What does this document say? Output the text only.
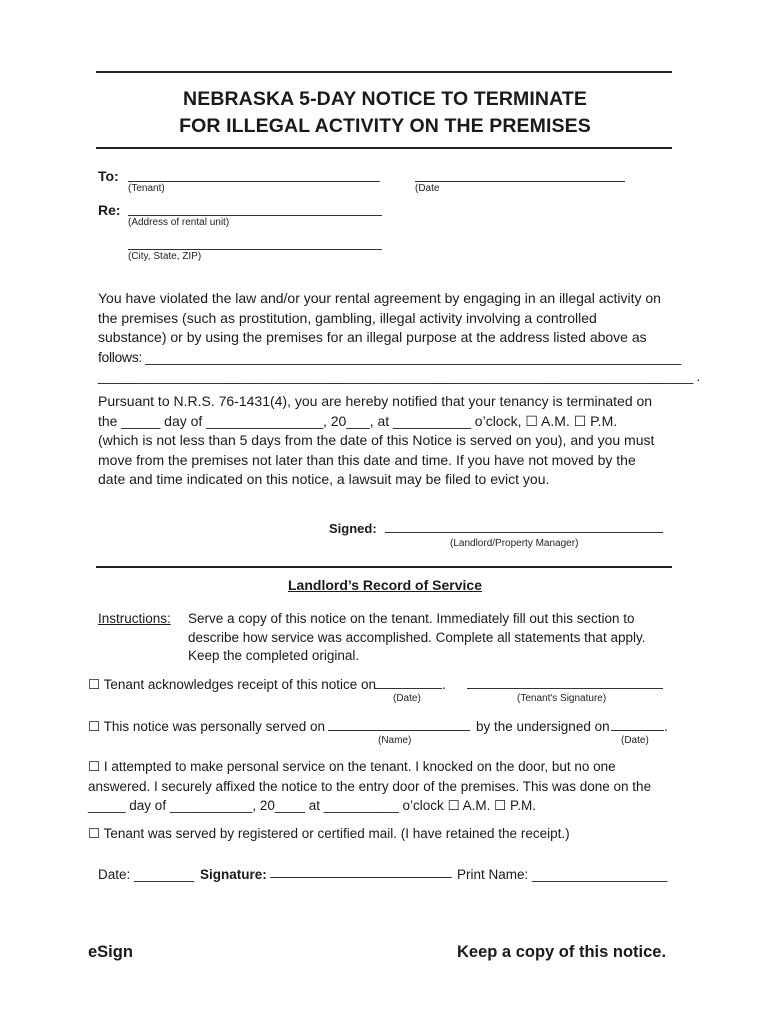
NEBRASKA 5-DAY NOTICE TO TERMINATE
FOR ILLEGAL ACTIVITY ON THE PREMISES
To:
(Tenant)	(Date
Re:
(Address of rental unit)
(City, State, ZIP)
You have violated the law and/or your rental agreement by engaging in an illegal activity on
the premises (such as prostitution, gambling, illegal activity involving a controlled
substance) or by using the premises for an illegal purpose at the address listed above as
follows: ________________________________________________________________________
________________________________________________________________________________ .
Pursuant to N.R.S. 76-1431(4), you are hereby notified that your tenancy is terminated on
the _____ day of _______________, 20___, at __________ o’clock, ☐ A.M. ☐ P.M.
(which is not less than 5 days from the date of this Notice is served on you), and you must
move from the premises not later than this date and time. If you have not moved by the
date and time indicated on this notice, a lawsuit may be filed to evict you.
Signed:
(Landlord/Property Manager)
Landlord’s Record of Service
Instructions: Serve a copy of this notice on the tenant. Immediately fill out this section to
describe how service was accomplished. Complete all statements that apply.
Keep the completed original.
☐ Tenant acknowledges receipt of this notice on	.
(Date)	(Tenant's Signature)
☐ This notice was personally served on	by the undersigned on	.
(Name)	(Date)
☐ I attempted to make personal service on the tenant. I knocked on the door, but no one
answered. I securely affixed the notice to the entry door of the premises. This was done on the
_____ day of ___________, 20____ at __________ o’clock ☐ A.M. ☐ P.M.
☐ Tenant was served by registered or certified mail. (I have retained the receipt.)
Date: ________ Signature:	Print Name: __________________
eSign	Keep a copy of this notice.
